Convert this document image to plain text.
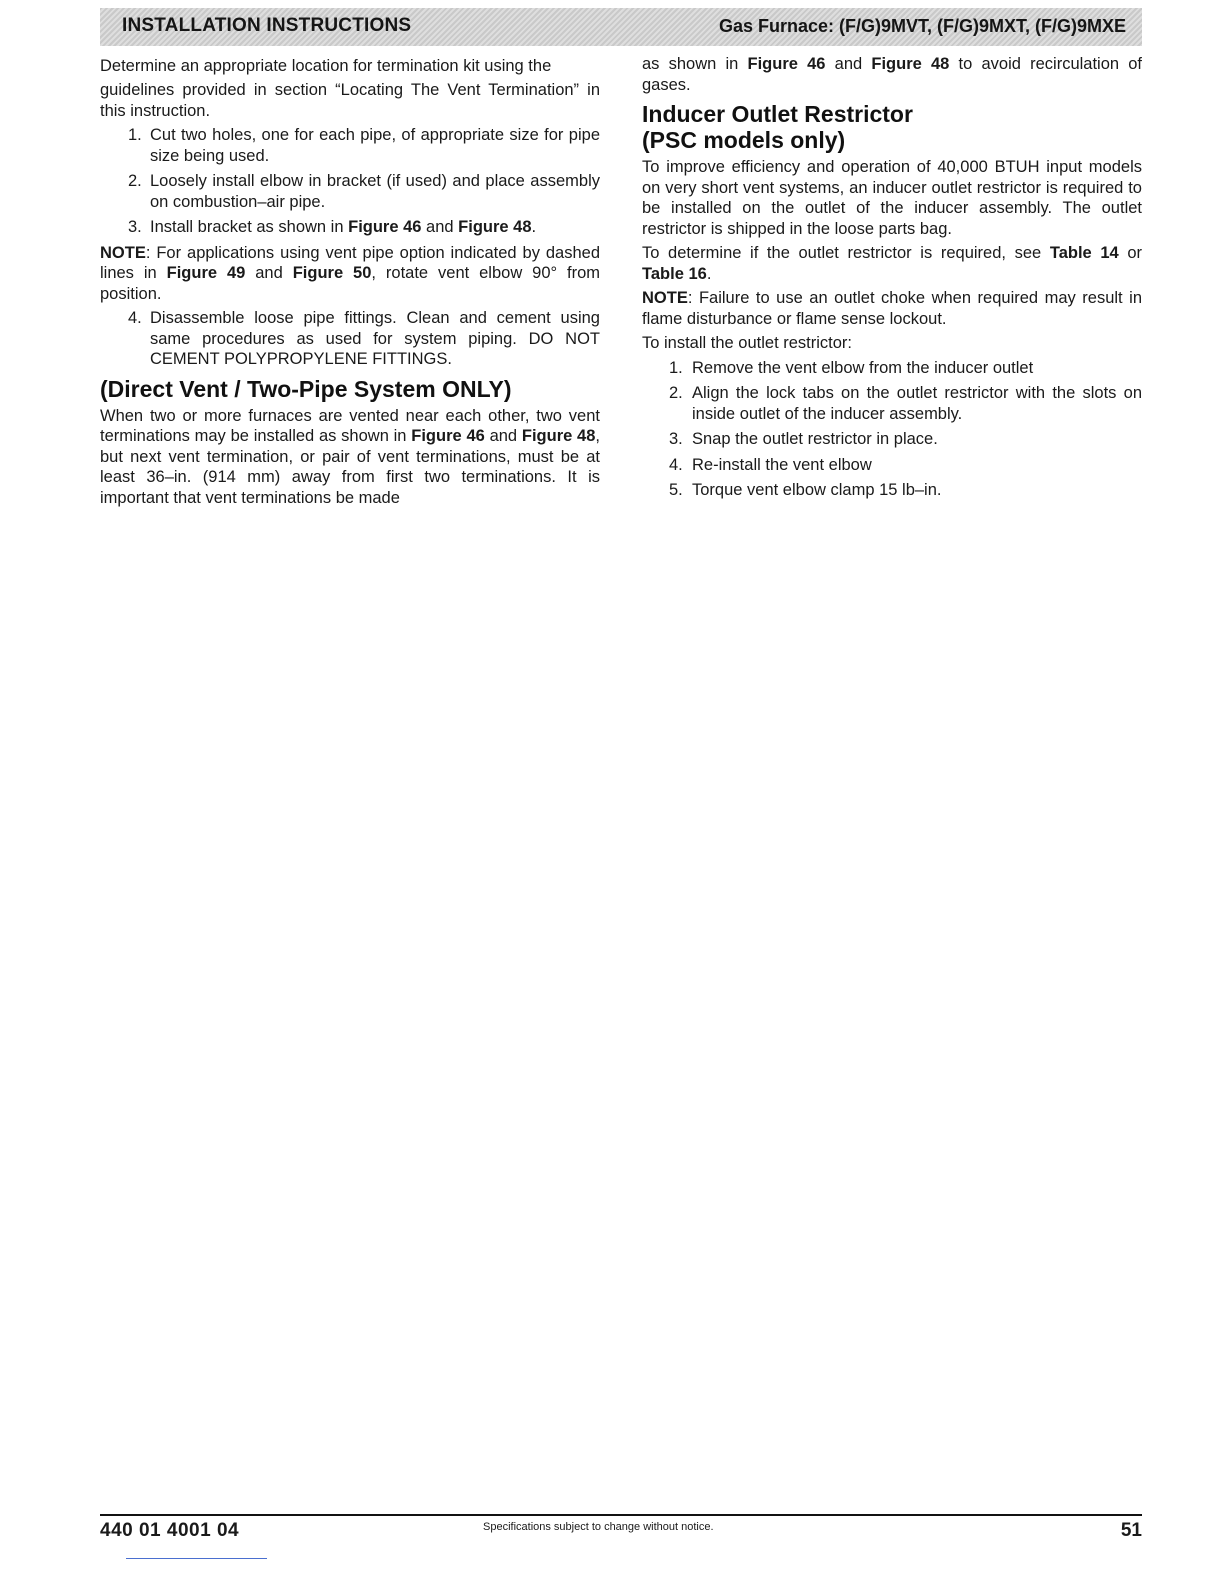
INSTALLATION INSTRUCTIONS	Gas Furnace: (F/G)9MVT, (F/G)9MXT, (F/G)9MXE

Determine an appropriate location for termination kit using the

guidelines provided in section “Locating The Vent Termination” in this instruction.

1. Cut two holes, one for each pipe, of appropriate size for pipe size being used.
2. Loosely install elbow in bracket (if used) and place assembly on combustion–air pipe.
3. Install bracket as shown in Figure 46 and Figure 48.

NOTE: For applications using vent pipe option indicated by dashed lines in Figure 49 and Figure 50, rotate vent elbow 90° from position.

4. Disassemble loose pipe fittings. Clean and cement using same procedures as used for system piping. DO NOT CEMENT POLYPROPYLENE FITTINGS.
(Direct Vent / Two-Pipe System ONLY)

When two or more furnaces are vented near each other, two vent terminations may be installed as shown in Figure 46 and Figure 48, but next vent termination, or pair of vent terminations, must be at least 36–in. (914 mm) away from first two terminations. It is important that vent terminations be made

as shown in Figure 46 and Figure 48 to avoid recirculation of gases.

Inducer Outlet Restrictor
(PSC models only)

To improve efficiency and operation of 40,000 BTUH input models on very short vent systems, an inducer outlet restrictor is required to be installed on the outlet of the inducer assembly. The outlet restrictor is shipped in the loose parts bag.

To determine if the outlet restrictor is required, see Table 14 or Table 16.

NOTE: Failure to use an outlet choke when required may result in flame disturbance or flame sense lockout.

To install the outlet restrictor:

1. Remove the vent elbow from the inducer outlet
2. Align the lock tabs on the outlet restrictor with the slots on inside outlet of the inducer assembly.
3. Snap the outlet restrictor in place.
4. Re-install the vent elbow
5. Torque vent elbow clamp 15 lb–in.
440 01 4001 04	Specifications subject to change without notice.	51
